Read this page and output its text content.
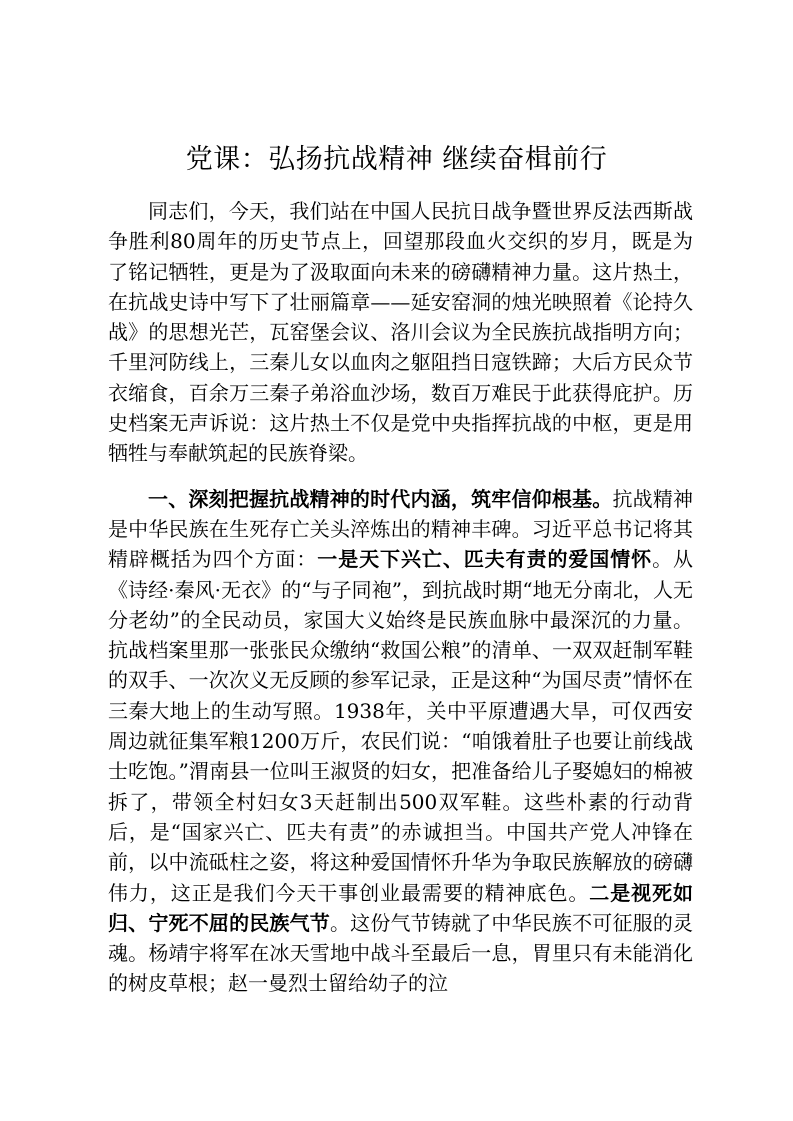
党课：弘扬抗战精神 继续奋楫前行

同志们，今天，我们站在中国人民抗日战争暨世界反法西斯战争胜利80周年的历史节点上，回望那段血火交织的岁月，既是为了铭记牺牲，更是为了汲取面向未来的磅礴精神力量。这片热土，在抗战史诗中写下了壮丽篇章——延安窑洞的烛光映照着《论持久战》的思想光芒，瓦窑堡会议、洛川会议为全民族抗战指明方向；千里河防线上，三秦儿女以血肉之躯阻挡日寇铁蹄；大后方民众节衣缩食，百余万三秦子弟浴血沙场，数百万难民于此获得庇护。历史档案无声诉说：这片热土不仅是党中央指挥抗战的中枢，更是用牺牲与奉献筑起的民族脊梁。

一、深刻把握抗战精神的时代内涵，筑牢信仰根基。抗战精神是中华民族在生死存亡关头淬炼出的精神丰碑。习近平总书记将其精辟概括为四个方面：一是天下兴亡、匹夫有责的爱国情怀。从《诗经·秦风·无衣》的“与子同袍”，到抗战时期“地无分南北，人无分老幼”的全民动员，家国大义始终是民族血脉中最深沉的力量。抗战档案里那一张张民众缴纳“救国公粮”的清单、一双双赶制军鞋的双手、一次次义无反顾的参军记录，正是这种“为国尽责”情怀在三秦大地上的生动写照。1938年，关中平原遭遇大旱，可仅西安周边就征集军粮1200万斤，农民们说：“咱饿着肚子也要让前线战士吃饱。”渭南县一位叫王淑贤的妇女，把准备给儿子娶媳妇的棉被拆了，带领全村妇女3天赶制出500双军鞋。这些朴素的行动背后，是“国家兴亡、匹夫有责”的赤诚担当。中国共产党人冲锋在前，以中流砥柱之姿，将这种爱国情怀升华为争取民族解放的磅礴伟力，这正是我们今天干事创业最需要的精神底色。二是视死如归、宁死不屈的民族气节。这份气节铸就了中华民族不可征服的灵魂。杨靖宇将军在冰天雪地中战斗至最后一息，胃里只有未能消化的树皮草根；赵一曼烈士留给幼子的泣
